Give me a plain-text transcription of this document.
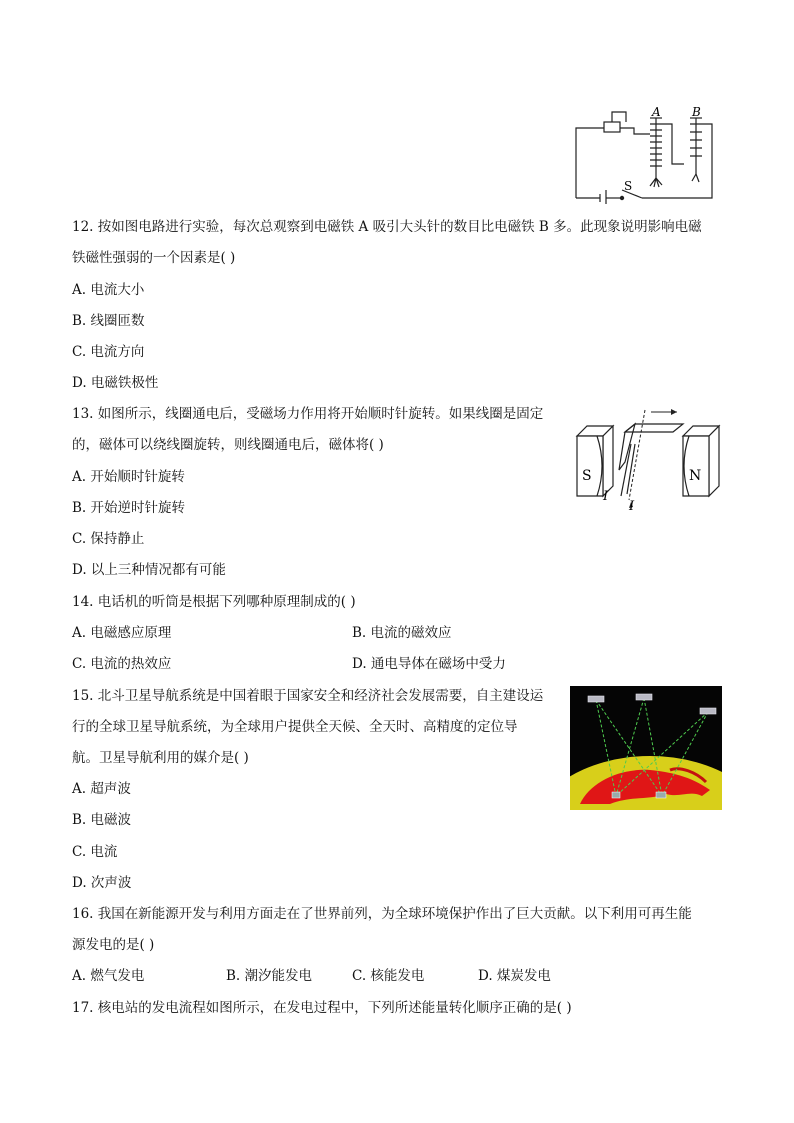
A	B
S
12. 按如图电路进行实验，每次总观察到电磁铁 A 吸引大头针的数目比电磁铁 B 多。此现象说明影响电磁
铁磁性强弱的一个因素是( )
A. 电流大小
B. 线圈匝数
C. 电流方向
D. 电磁铁极性
S	N
I
I
13. 如图所示，线圈通电后，受磁场力作用将开始顺时针旋转。如果线圈是固定
的，磁体可以绕线圈旋转，则线圈通电后，磁体将( )
A. 开始顺时针旋转
B. 开始逆时针旋转
C. 保持静止
D. 以上三种情况都有可能
14. 电话机的听筒是根据下列哪种原理制成的( )
A. 电磁感应原理	B. 电流的磁效应
C. 电流的热效应	D. 通电导体在磁场中受力
15. 北斗卫星导航系统是中国着眼于国家安全和经济社会发展需要，自主建设运
行的全球卫星导航系统，为全球用户提供全天候、全天时、高精度的定位导
航。卫星导航利用的媒介是( )
A. 超声波
B. 电磁波
C. 电流
D. 次声波
16. 我国在新能源开发与利用方面走在了世界前列，为全球环境保护作出了巨大贡献。以下利用可再生能
源发电的是( )
A. 燃气发电	B. 潮汐能发电	C. 核能发电	D. 煤炭发电
17. 核电站的发电流程如图所示，在发电过程中，下列所述能量转化顺序正确的是( )
